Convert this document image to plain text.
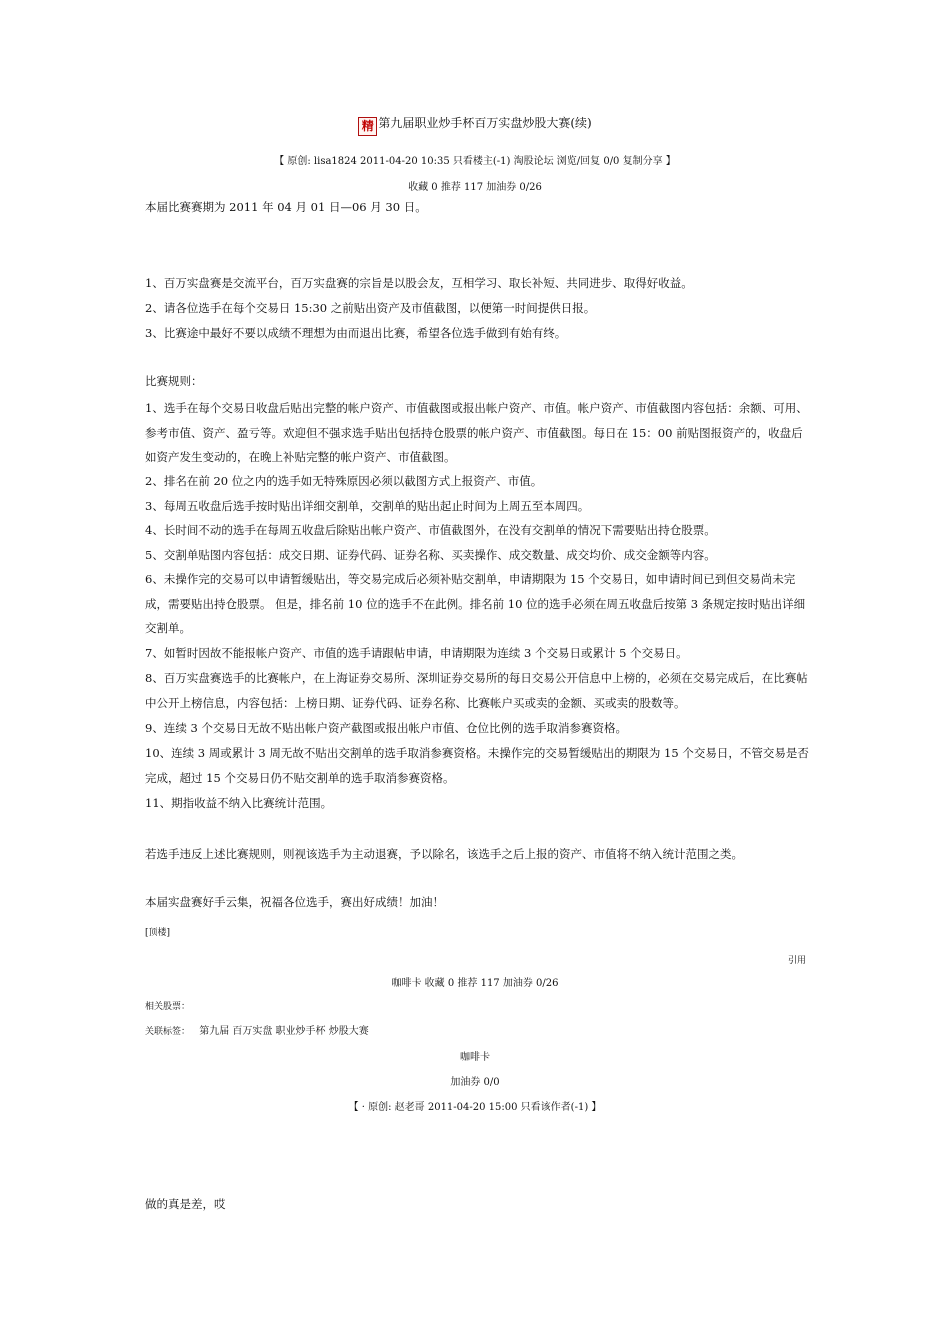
精 第九届职业炒手杯百万实盘炒股大赛(续)
【 原创: lisa1824 2011-04-20 10:35 只看楼主(-1) 淘股论坛 浏览/回复 0/0 复制分享 】
收藏 0 推荐 117 加油券 0/26
本届比赛赛期为 2011 年 04 月 01 日—06 月 30 日。
1、百万实盘赛是交流平台，百万实盘赛的宗旨是以股会友，互相学习、取长补短、共同进步、取得好收益。
2、请各位选手在每个交易日 15:30 之前贴出资产及市值截图，以便第一时间提供日报。
3、比赛途中最好不要以成绩不理想为由而退出比赛，希望各位选手做到有始有终。
比赛规则：
1、选手在每个交易日收盘后贴出完整的帐户资产、市值截图或报出帐户资产、市值。帐户资产、市值截图内容包括：余额、可用、参考市值、资产、盈亏等。欢迎但不强求选手贴出包括持仓股票的帐户资产、市值截图。每日在 15：00 前贴图报资产的，收盘后如资产发生变动的，在晚上补贴完整的帐户资产、市值截图。
2、排名在前 20 位之内的选手如无特殊原因必须以截图方式上报资产、市值。
3、每周五收盘后选手按时贴出详细交割单，交割单的贴出起止时间为上周五至本周四。
4、长时间不动的选手在每周五收盘后除贴出帐户资产、市值截图外，在没有交割单的情况下需要贴出持仓股票。
5、交割单贴图内容包括：成交日期、证券代码、证券名称、买卖操作、成交数量、成交均价、成交金额等内容。
6、未操作完的交易可以申请暂缓贴出，等交易完成后必须补贴交割单，申请期限为 15 个交易日，如申请时间已到但交易尚未完成，需要贴出持仓股票。 但是，排名前 10 位的选手不在此例。排名前 10 位的选手必须在周五收盘后按第 3 条规定按时贴出详细交割单。
7、如暂时因故不能报帐户资产、市值的选手请跟帖申请，申请期限为连续 3 个交易日或累计 5 个交易日。
8、百万实盘赛选手的比赛帐户，在上海证券交易所、深圳证券交易所的每日交易公开信息中上榜的，必须在交易完成后，在比赛帖中公开上榜信息，内容包括：上榜日期、证券代码、证券名称、比赛帐户买或卖的金额、买或卖的股数等。
9、连续 3 个交易日无故不贴出帐户资产截图或报出帐户市值、仓位比例的选手取消参赛资格。
10、连续 3 周或累计 3 周无故不贴出交割单的选手取消参赛资格。未操作完的交易暂缓贴出的期限为 15 个交易日，不管交易是否完成，超过 15 个交易日仍不贴交割单的选手取消参赛资格。
11、期指收益不纳入比赛统计范围。
若选手违反上述比赛规则，则视该选手为主动退赛，予以除名，该选手之后上报的资产、市值将不纳入统计范围之类。
本届实盘赛好手云集，祝福各位选手，赛出好成绩！加油！
[顶楼]
引用
咖啡卡 收藏 0 推荐 117 加油券 0/26
相关股票：
关联标签： 第九届 百万实盘 职业炒手杯 炒股大赛
咖啡卡
加油券 0/0
【 · 原创: 赵老哥 2011-04-20 15:00 只看该作者(-1) 】
做的真是差，哎
